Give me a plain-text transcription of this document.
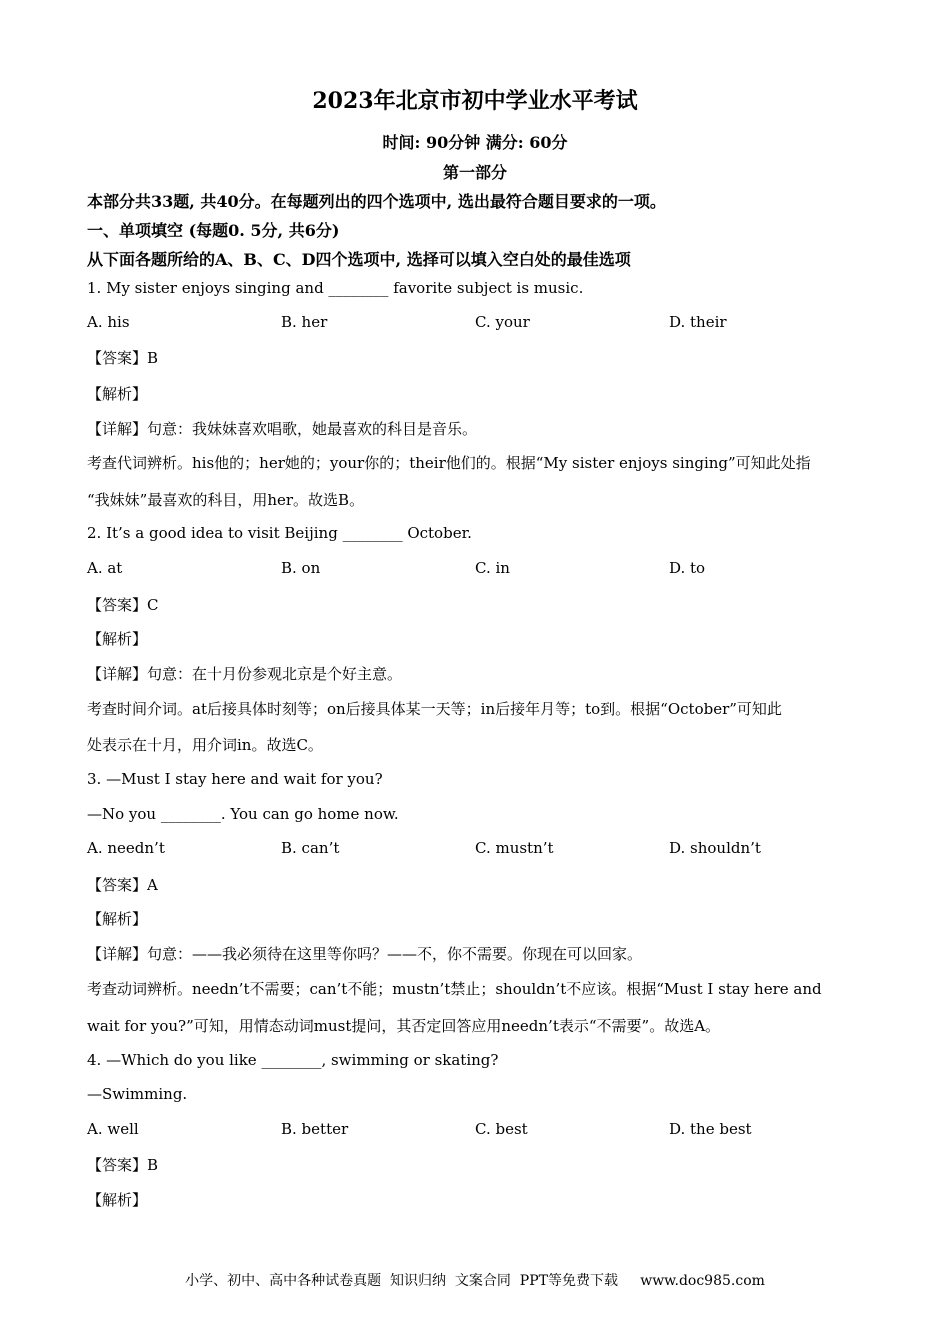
2023年北京市初中学业水平考试
时间: 90分钟 满分: 60分
第一部分
本部分共33题, 共40分。在每题列出的四个选项中, 选出最符合题目要求的一项。
一、单项填空 (每题0. 5分, 共6分)
从下面各题所给的A、B、C、D四个选项中, 选择可以填入空白处的最佳选项
1. My sister enjoys singing and ________ favorite subject is music.
A. his	B. her	C. your	D. their
【答案】B
【解析】
【详解】句意：我妹妹喜欢唱歌，她最喜欢的科目是音乐。
考查代词辨析。his他的；her她的；your你的；their他们的。根据“My sister enjoys singing”可知此处指
“我妹妹”最喜欢的科目，用her。故选B。
2. It’s a good idea to visit Beijing ________ October.
A. at	B. on	C. in	D. to
【答案】C
【解析】
【详解】句意：在十月份参观北京是个好主意。
考查时间介词。at后接具体时刻等；on后接具体某一天等；in后接年月等；to到。根据“October”可知此
处表示在十月，用介词in。故选C。
3. —Must I stay here and wait for you?
—No you ________. You can go home now.
A. needn’t	B. can’t	C. mustn’t	D. shouldn’t
【答案】A
【解析】
【详解】句意：——我必须待在这里等你吗？——不，你不需要。你现在可以回家。
考查动词辨析。needn’t不需要；can’t不能；mustn’t禁止；shouldn’t不应该。根据“Must I stay here and
wait for you?”可知，用情态动词must提问，其否定回答应用needn’t表示“不需要”。故选A。
4. —Which do you like ________, swimming or skating?
—Swimming.
A. well	B. better	C. best	D. the best
【答案】B
【解析】
小学、初中、高中各种试卷真题  知识归纳  文案合同  PPT等免费下载     www.doc985.com
